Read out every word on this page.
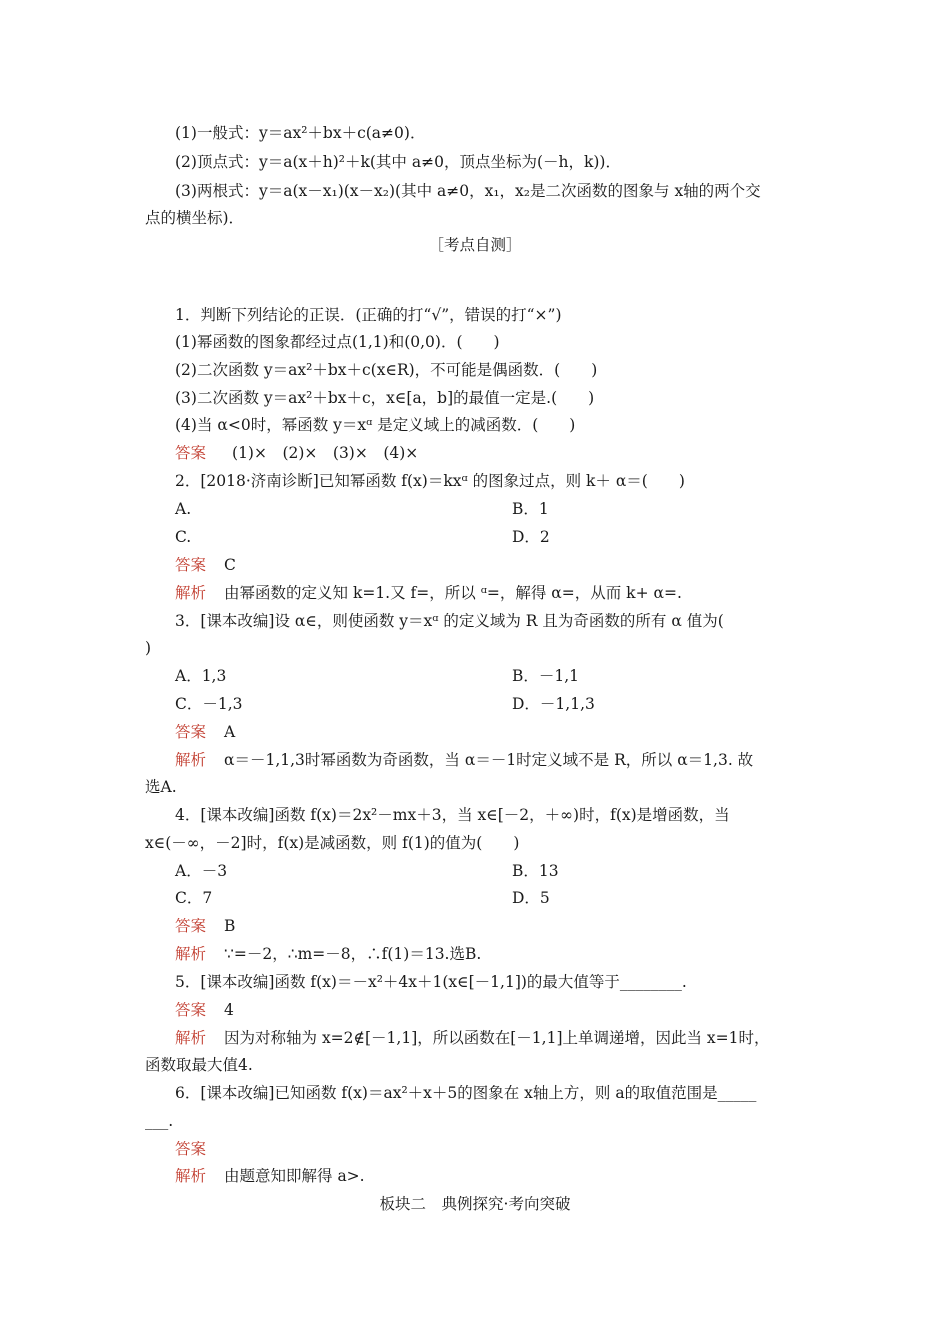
(1)一般式：y＝ax²＋bx＋c(a≠0)．
(2)顶点式：y＝a(x＋h)²＋k(其中 a≠0，顶点坐标为(－h，k))．
(3)两根式：y＝a(x－x₁)(x－x₂)(其中 a≠0，x₁，x₂是二次函数的图象与 x轴的两个交
点的横坐标)．
［考点自测］
1．判断下列结论的正误．(正确的打“√”，错误的打“×”)
(1)幂函数的图象都经过点(1,1)和(0,0)．(　　)
(2)二次函数 y＝ax²＋bx＋c(x∈R)，不可能是偶函数．(　　)
(3)二次函数 y＝ax²＋bx＋c，x∈[a，b]的最值一定是.(　　)
(4)当 α<0时，幂函数 y＝xᵅ 是定义域上的减函数．(　　)
答案 (1)×　(2)×　(3)×　(4)×
2．[2018·济南诊断]已知幂函数 f(x)＝kxᵅ 的图象过点，则 k＋ α＝(　　)
A.	B．1
C.	D．2
答案 C
解析 由幂函数的定义知 k=1.又 f=，所以 ᵅ=，解得 α=，从而 k+ α=.
3．[课本改编]设 α∈，则使函数 y＝xᵅ 的定义域为 R 且为奇函数的所有 α 值为(
)
A．1,3	B．－1,1
C．－1,3	D．－1,1,3
答案 A
解析 α＝－1,1,3时幂函数为奇函数，当 α＝－1时定义域不是 R，所以 α＝1,3. 故
选A.
4．[课本改编]函数 f(x)＝2x²－mx＋3，当 x∈[－2，＋∞)时，f(x)是增函数，当
x∈(－∞，－2]时，f(x)是减函数，则 f(1)的值为(　　)
A．－3	B．13
C．7	D．5
答案 B
解析 ∵=－2，∴m=－8，∴f(1)＝13.选B.
5．[课本改编]函数 f(x)＝－x²＋4x＋1(x∈[－1,1])的最大值等于________.
答案 4
解析 因为对称轴为 x=2∉[－1,1]，所以函数在[－1,1]上单调递增，因此当 x=1时，
函数取最大值4.
6．[课本改编]已知函数 f(x)＝ax²＋x＋5的图象在 x轴上方，则 a的取值范围是_____
___.
答案
解析 由题意知即解得 a>.
板块二　典例探究·考向突破
